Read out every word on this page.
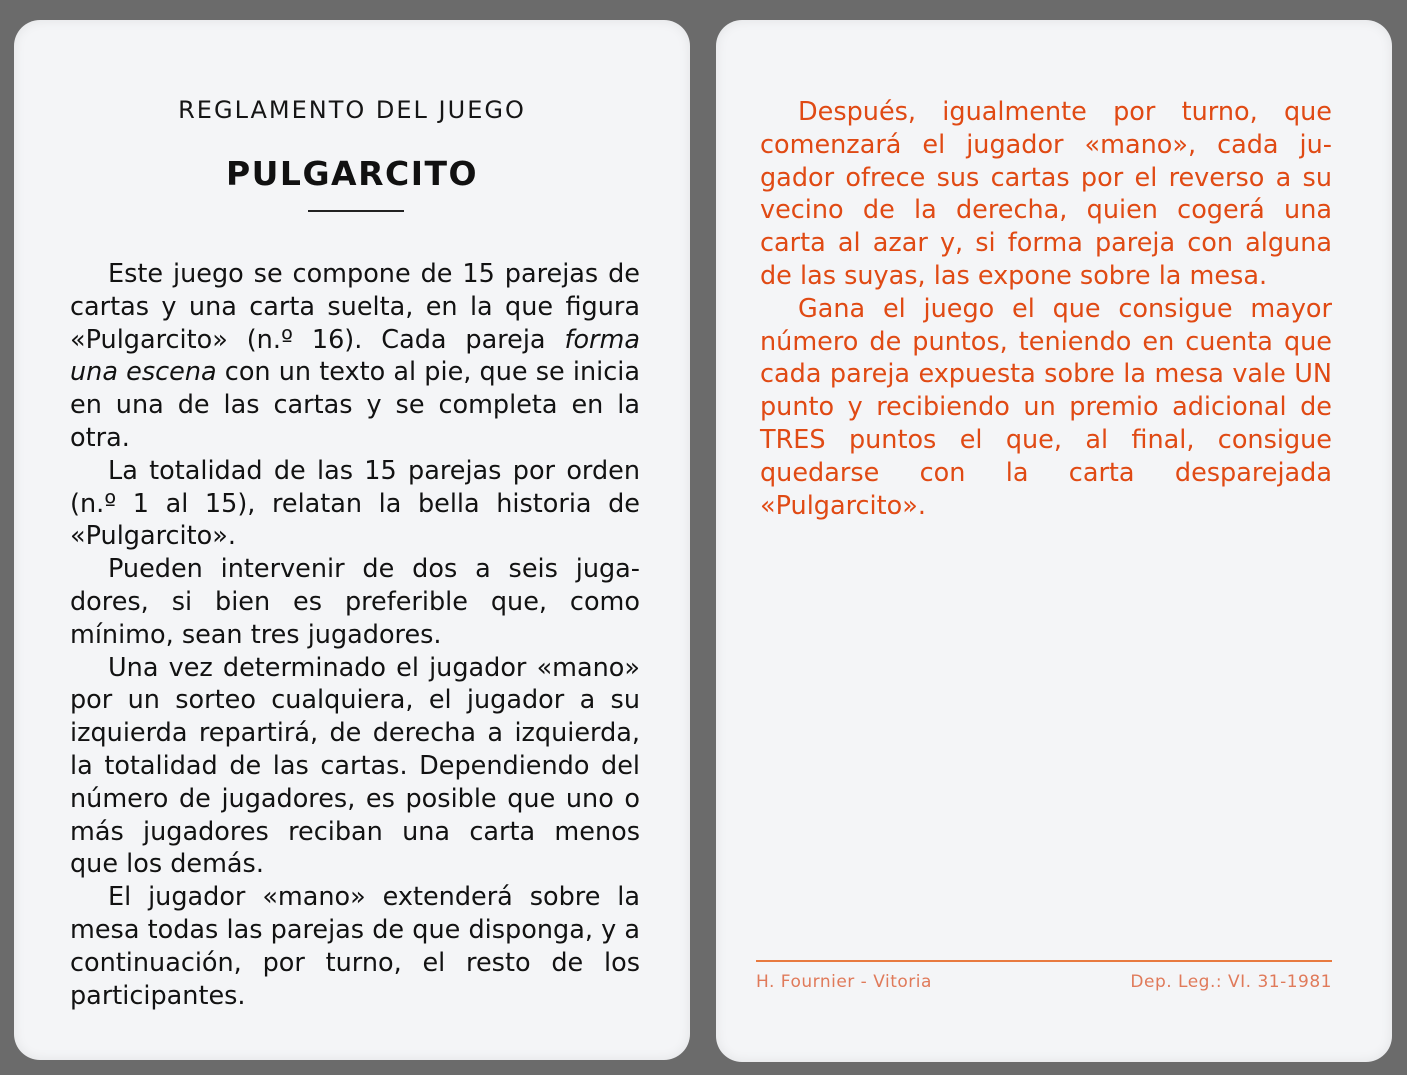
REGLAMENTO DEL JUEGO
PULGARCITO

Este juego se compone de 15 parejas de cartas y una carta suelta, en la que figura «Pulgarcito» (n.º 16). Cada pareja forma una escena con un texto al pie, que se inicia en una de las cartas y se completa en la otra.

La totalidad de las 15 parejas por orden (n.º 1 al 15), relatan la bella historia de «Pulgarcito».

Pueden intervenir de dos a seis jugadores, si bien es preferible que, como mínimo, sean tres jugadores.

Una vez determinado el jugador «mano» por un sorteo cualquiera, el jugador a su izquierda repartirá, de derecha a izquierda, la totalidad de las cartas. Dependiendo del número de jugadores, es posible que uno o más jugadores reciban una carta menos que los demás.

El jugador «mano» extenderá sobre la mesa todas las parejas de que disponga, y a continuación, por turno, el resto de los participantes.

Después, igualmente por turno, que comenzará el jugador «mano», cada jugador ofrece sus cartas por el reverso a su vecino de la derecha, quien cogerá una carta al azar y, si forma pareja con alguna de las suyas, las expone sobre la mesa.

Gana el juego el que consigue mayor número de puntos, teniendo en cuenta que cada pareja expuesta sobre la mesa vale UN punto y recibiendo un premio adicional de TRES puntos el que, al final, consigue quedarse con la carta desparejada «Pulgarcito».

H. Fournier - Vitoria	Dep. Leg.: VI. 31-1981
